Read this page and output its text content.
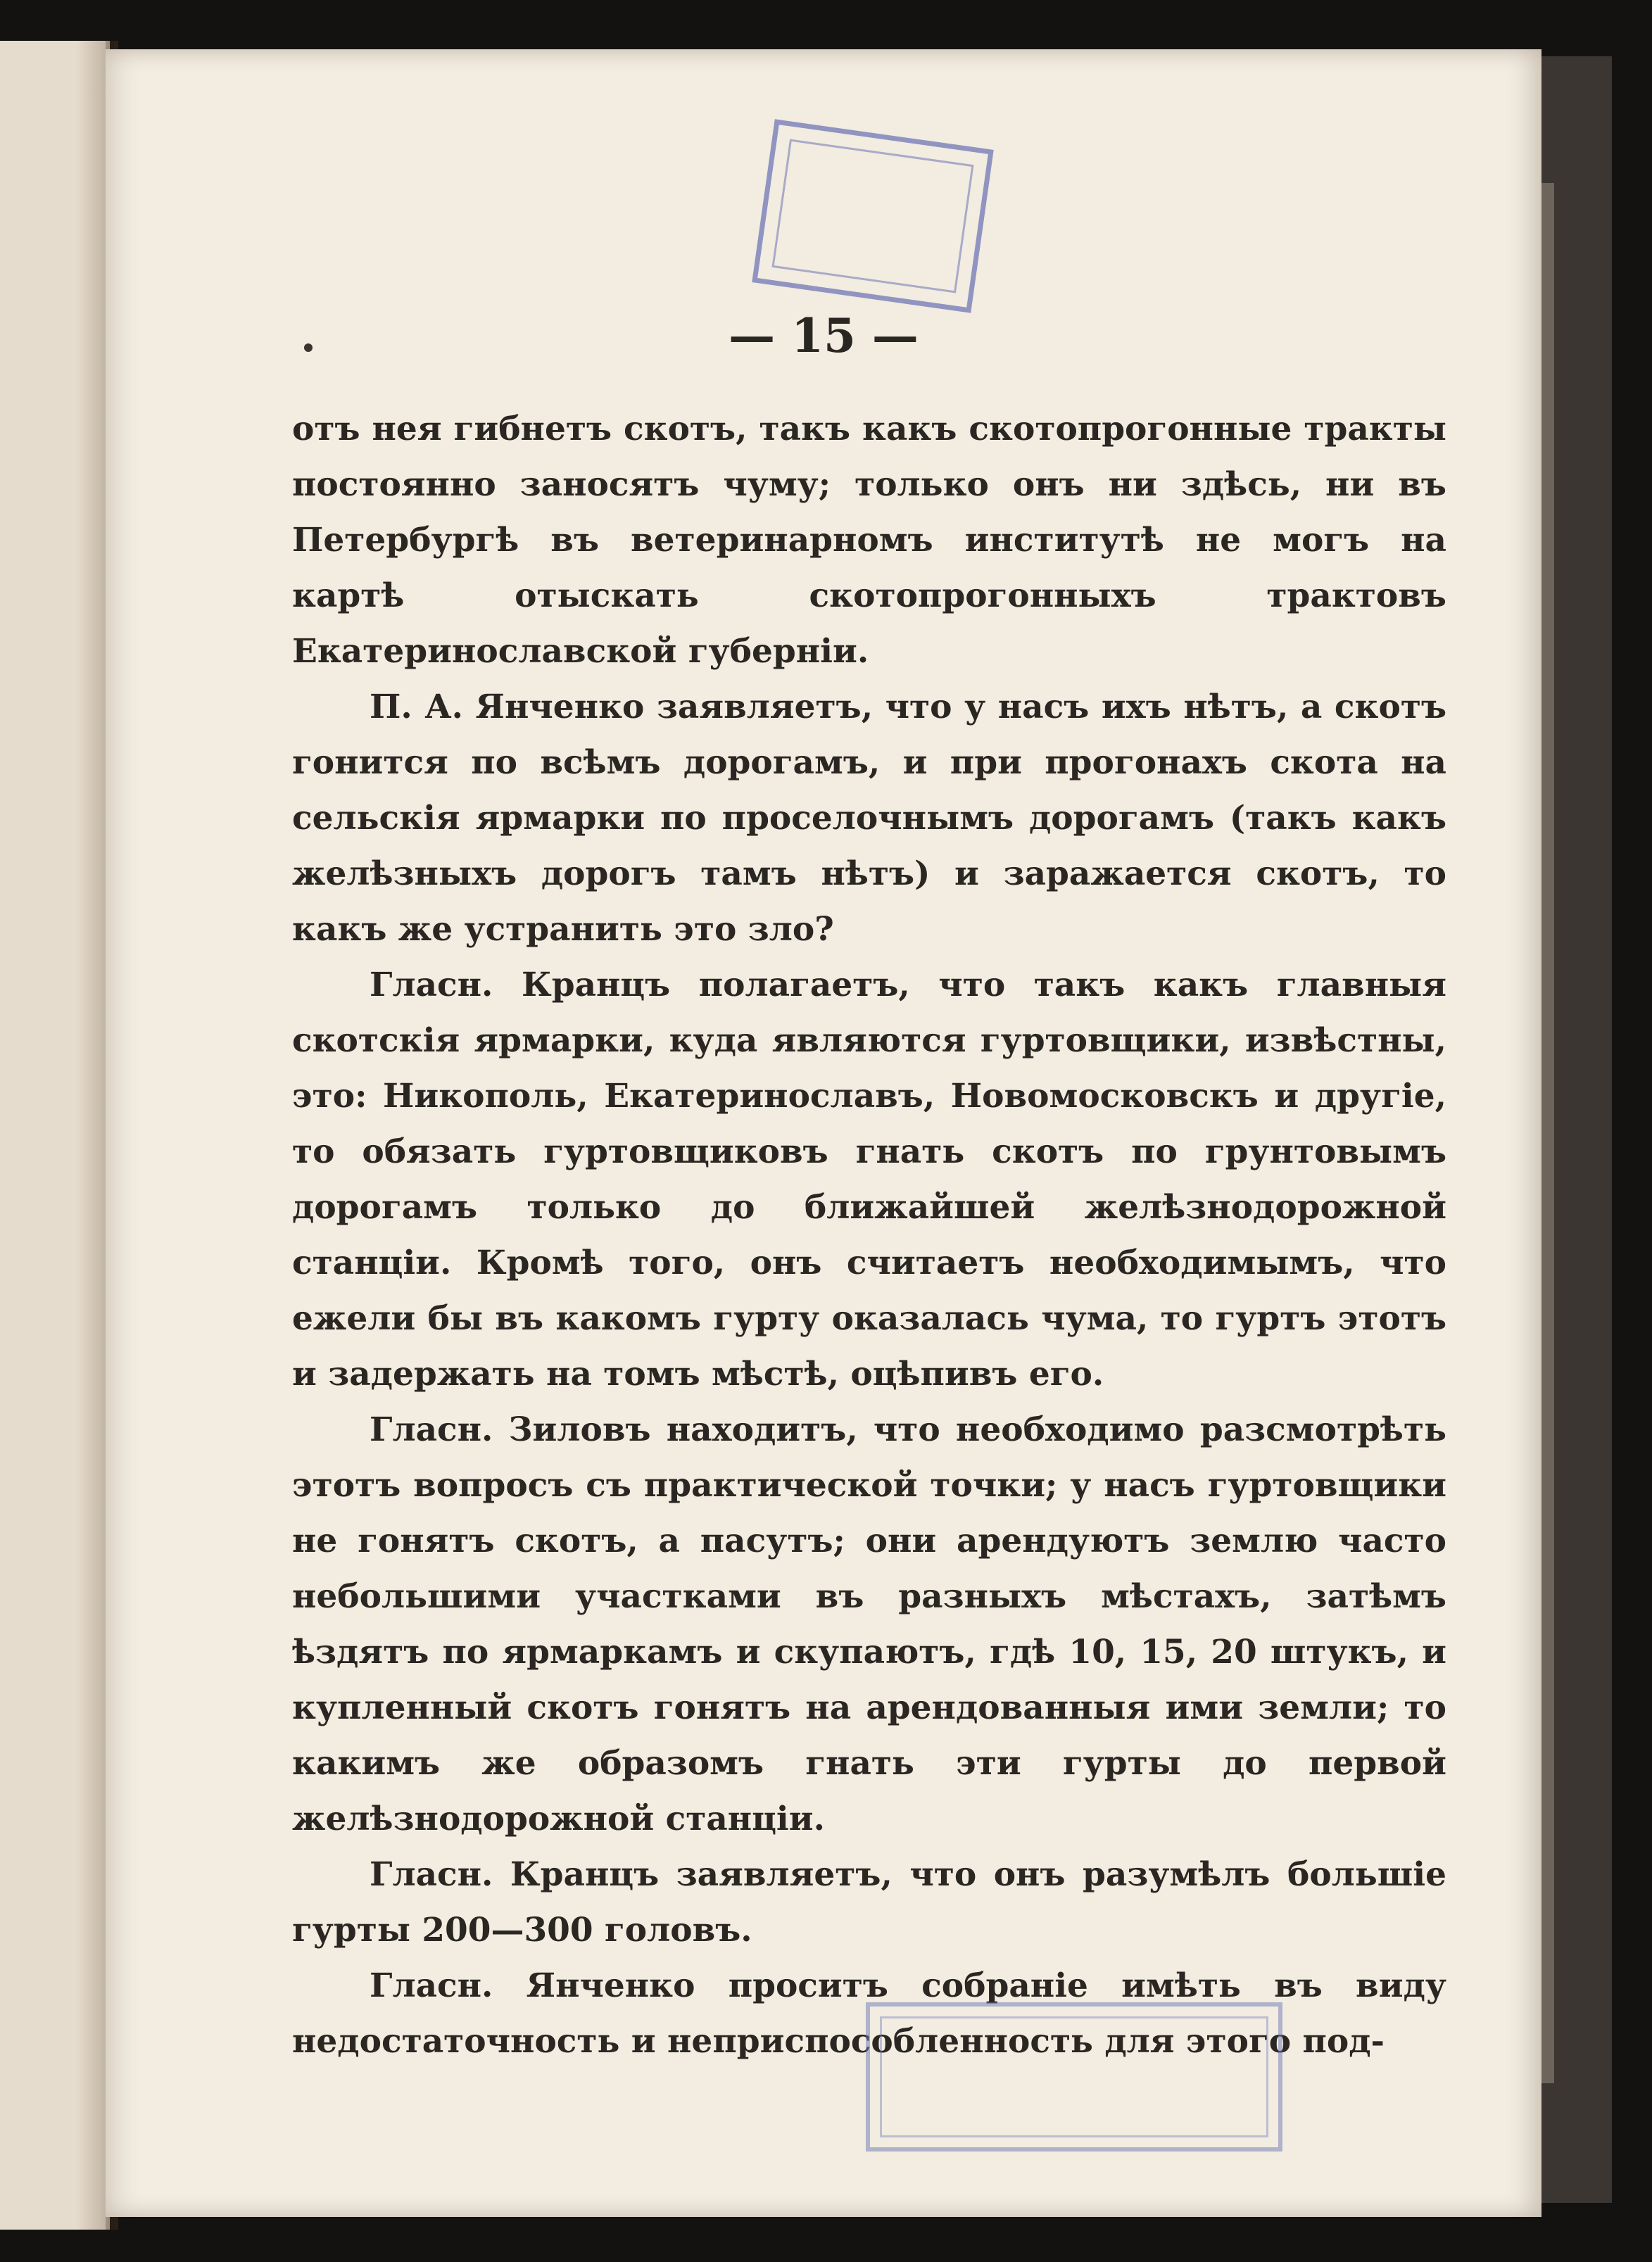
— 15 —

отъ нея гибнетъ скотъ, такъ какъ скотопрогонные тракты постоянно заносятъ чуму; только онъ ни здѣсь, ни въ Петербургѣ въ ветеринарномъ институтѣ не могъ на картѣ отыскать скотопрогонныхъ трактовъ Екатеринославской губерніи.

П. А. Янченко заявляетъ, что у насъ ихъ нѣтъ, а скотъ гонится по всѣмъ дорогамъ, и при прогонахъ скота на сельскія ярмарки по проселочнымъ дорогамъ (такъ какъ желѣзныхъ дорогъ тамъ нѣтъ) и заражается скотъ, то какъ же устранить это зло?

Гласн. Кранцъ полагаетъ, что такъ какъ главныя скотскія ярмарки, куда являются гуртовщики, извѣстны, это: Никополь, Екатеринославъ, Новомосковскъ и другіе, то обязать гуртовщиковъ гнать скотъ по грунтовымъ дорогамъ только до ближайшей желѣзнодорожной станціи. Кромѣ того, онъ считаетъ необходимымъ, что ежели бы въ какомъ гурту оказалась чума, то гуртъ этотъ и задержать на томъ мѣстѣ, оцѣпивъ его.

Гласн. Зиловъ находитъ, что необходимо разсмотрѣть этотъ вопросъ съ практической точки; у насъ гуртовщики не гонятъ скотъ, а пасутъ; они арендуютъ землю часто небольшими участками въ разныхъ мѣстахъ, затѣмъ ѣздятъ по ярмаркамъ и скупаютъ, гдѣ 10, 15, 20 штукъ, и купленный скотъ гонятъ на арендованныя ими земли; то какимъ же образомъ гнать эти гурты до первой желѣзнодорожной станціи.

Гласн. Кранцъ заявляетъ, что онъ разумѣлъ большіе гурты 200—300 головъ.

Гласн. Янченко проситъ собраніе имѣть въ виду недостаточность и неприспособленность для этого под-
